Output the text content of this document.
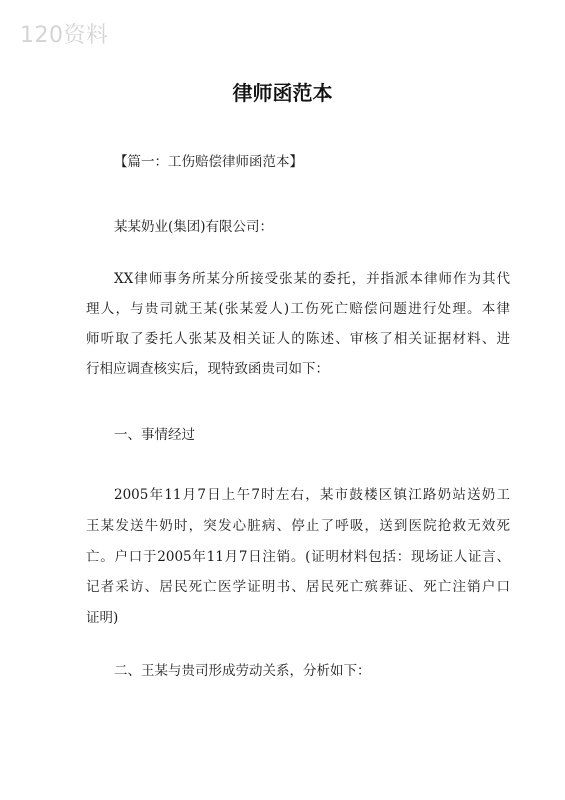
120资料
律师函范本
【篇一：工伤赔偿律师函范本】
某某奶业(集团)有限公司：
XX律师事务所某分所接受张某的委托，并指派本律师作为其代
理人，与贵司就王某(张某爱人)工伤死亡赔偿问题进行处理。本律
师听取了委托人张某及相关证人的陈述、审核了相关证据材料、进
行相应调查核实后，现特致函贵司如下：
一、事情经过
2005年11月7日上午7时左右，某市鼓楼区镇江路奶站送奶工
王某发送牛奶时，突发心脏病、停止了呼吸，送到医院抢救无效死
亡。户口于2005年11月7日注销。(证明材料包括：现场证人证言、
记者采访、居民死亡医学证明书、居民死亡殡葬证、死亡注销户口
证明)
二、王某与贵司形成劳动关系，分析如下：
